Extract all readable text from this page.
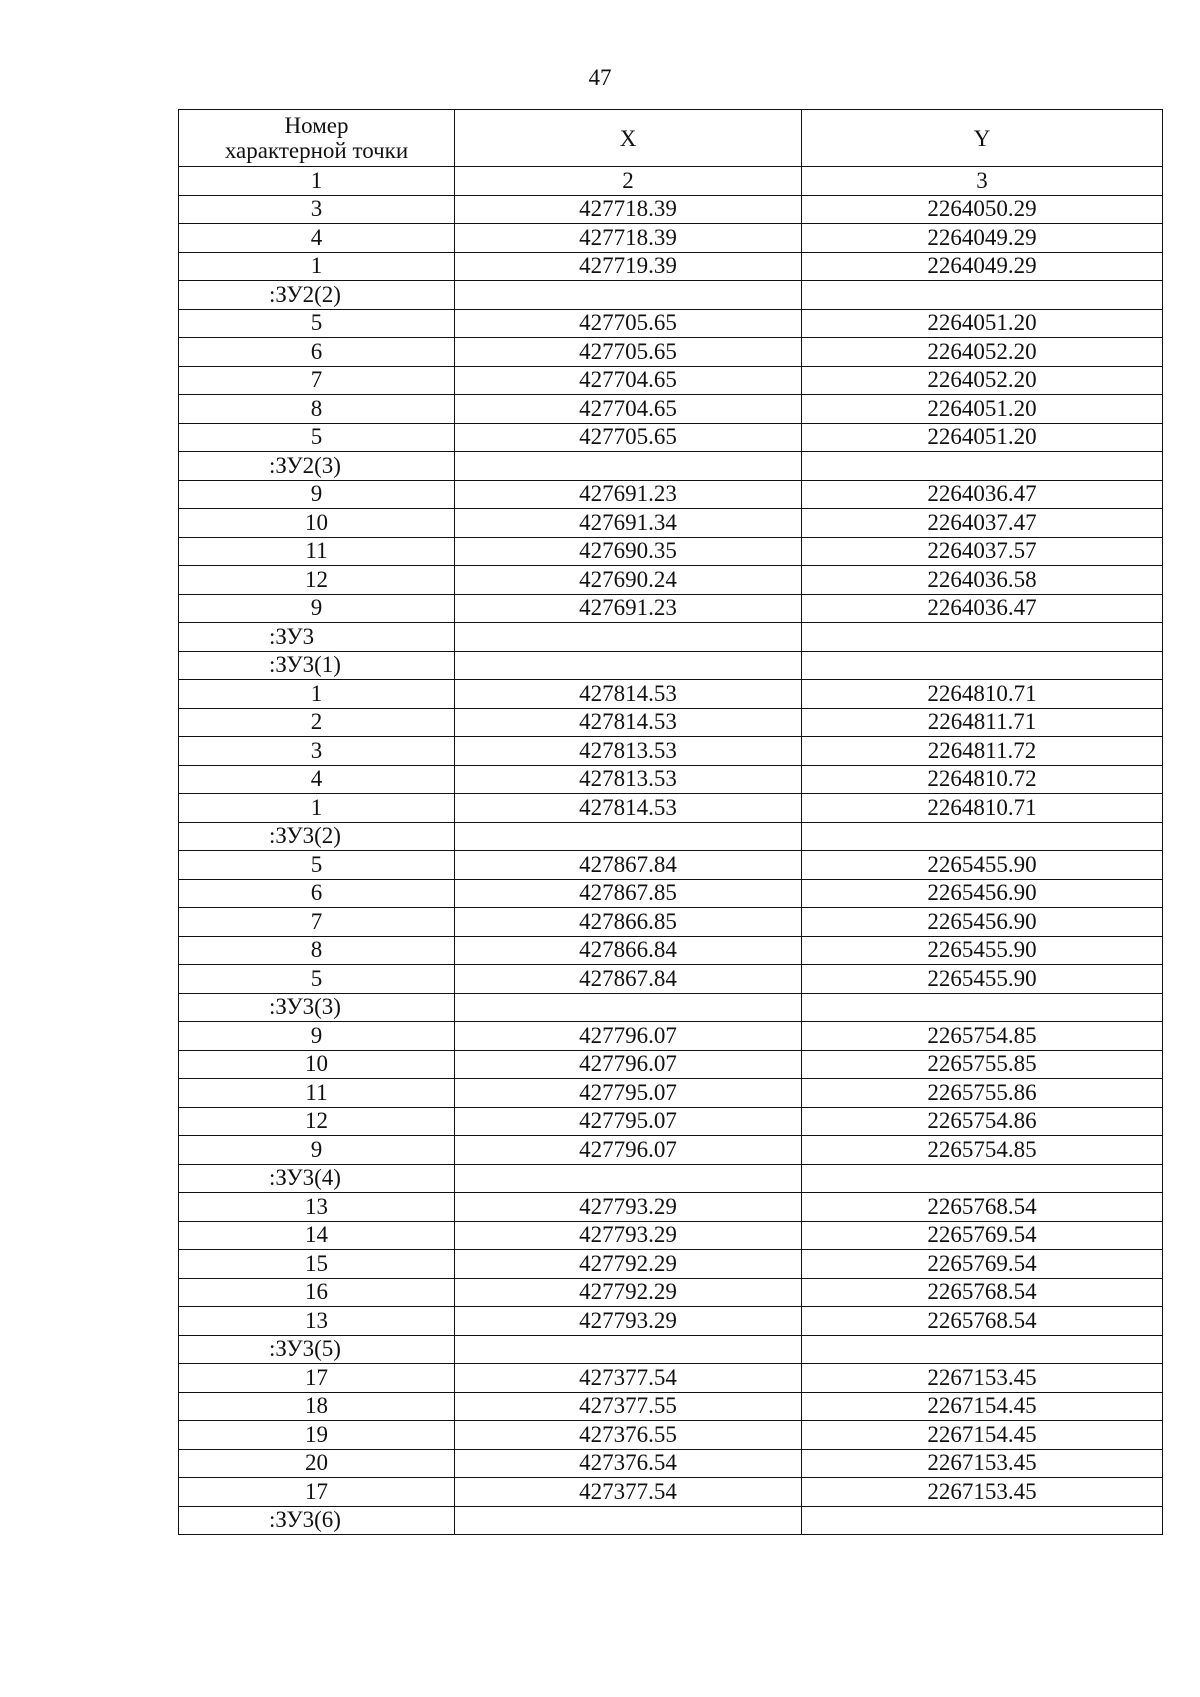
47
Номер
характерной точки	X	Y
1	2	3
3	427718.39	2264050.29
4	427718.39	2264049.29
1	427719.39	2264049.29
:ЗУ2(2)		
5	427705.65	2264051.20
6	427705.65	2264052.20
7	427704.65	2264052.20
8	427704.65	2264051.20
5	427705.65	2264051.20
:ЗУ2(3)		
9	427691.23	2264036.47
10	427691.34	2264037.47
11	427690.35	2264037.57
12	427690.24	2264036.58
9	427691.23	2264036.47
:ЗУ3		
:ЗУ3(1)		
1	427814.53	2264810.71
2	427814.53	2264811.71
3	427813.53	2264811.72
4	427813.53	2264810.72
1	427814.53	2264810.71
:ЗУ3(2)		
5	427867.84	2265455.90
6	427867.85	2265456.90
7	427866.85	2265456.90
8	427866.84	2265455.90
5	427867.84	2265455.90
:ЗУ3(3)		
9	427796.07	2265754.85
10	427796.07	2265755.85
11	427795.07	2265755.86
12	427795.07	2265754.86
9	427796.07	2265754.85
:ЗУ3(4)		
13	427793.29	2265768.54
14	427793.29	2265769.54
15	427792.29	2265769.54
16	427792.29	2265768.54
13	427793.29	2265768.54
:ЗУ3(5)		
17	427377.54	2267153.45
18	427377.55	2267154.45
19	427376.55	2267154.45
20	427376.54	2267153.45
17	427377.54	2267153.45
:ЗУ3(6)		
